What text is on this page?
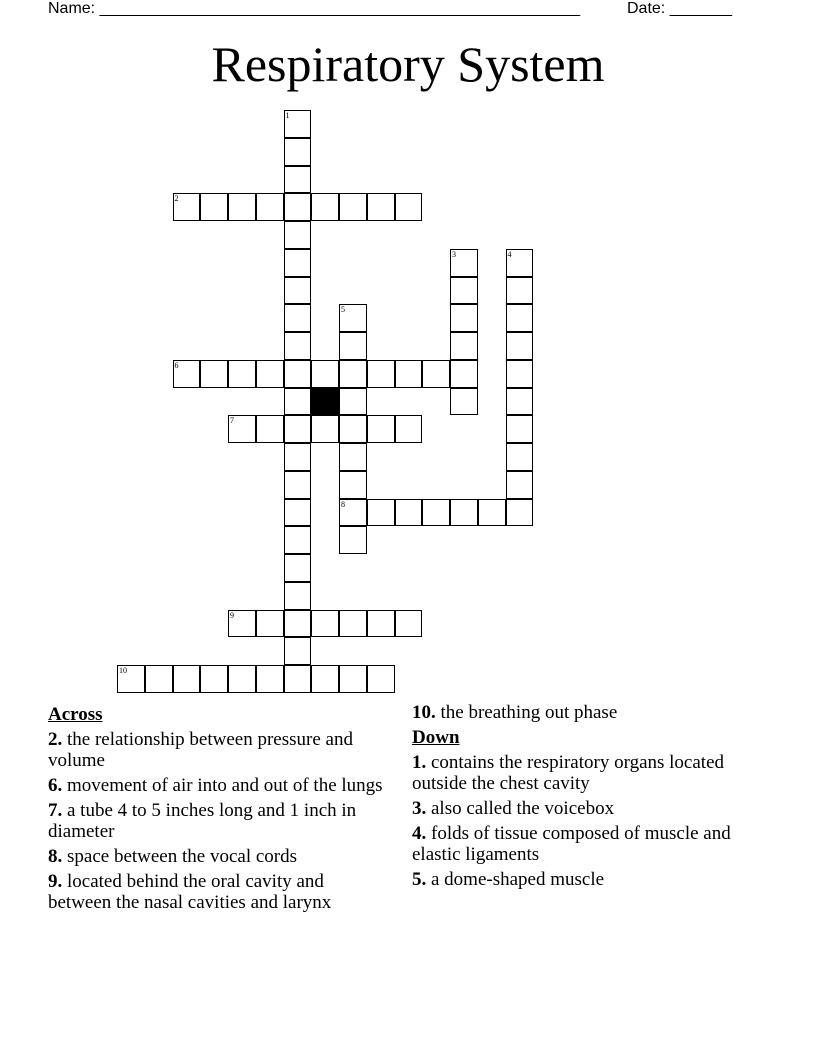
Name: ______________________________________________________	Date: _______
Respiratory System
1
2
3	4
5
8
6
7
9
10
Across
2. the relationship between pressure and volume
6. movement of air into and out of the lungs
7. a tube 4 to 5 inches long and 1 inch in diameter
8. space between the vocal cords
9. located behind the oral cavity and between the nasal cavities and larynx
10. the breathing out phase
Down
1. contains the respiratory organs located outside the chest cavity
3. also called the voicebox
4. folds of tissue composed of muscle and elastic ligaments
5. a dome-shaped muscle
